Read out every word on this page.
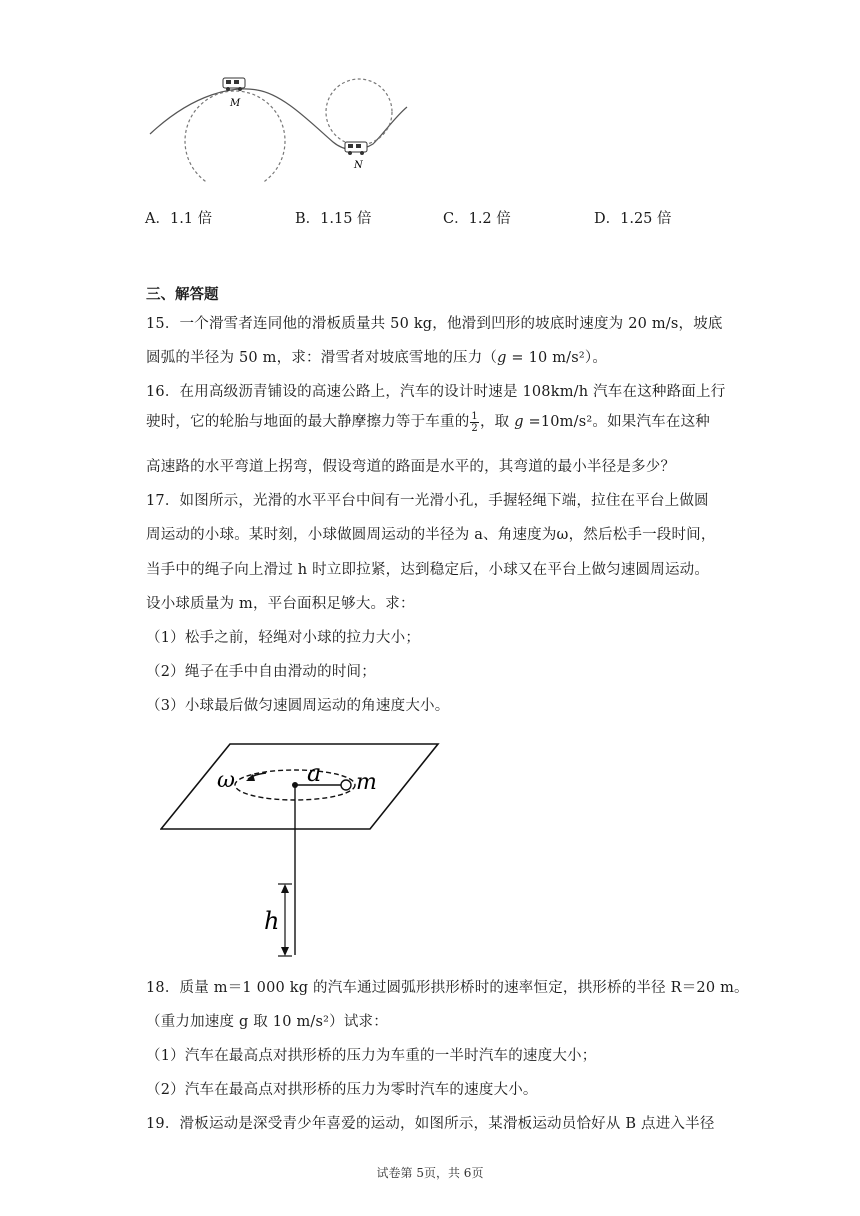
M
N
A．1.1 倍	B．1.15 倍	C．1.2 倍	D．1.25 倍
三、解答题
15．一个滑雪者连同他的滑板质量共 50 kg，他滑到凹形的坡底时速度为 20 m/s，坡底
圆弧的半径为 50 m，求：滑雪者对坡底雪地的压力（g = 10 m/s²）。
16．在用高级沥青铺设的高速公路上，汽车的设计时速是 108km/h 汽车在这种路面上行
驶时，它的轮胎与地面的最大静摩擦力等于车重的 $\frac{1}{2}$ ，取 g =10m/s²。如果汽车在这种
高速路的水平弯道上拐弯，假设弯道的路面是水平的，其弯道的最小半径是多少？
17．如图所示，光滑的水平平台中间有一光滑小孔，手握轻绳下端，拉住在平台上做圆
周运动的小球。某时刻，小球做圆周运动的半径为 a、角速度为ω，然后松手一段时间，
当手中的绳子向上滑过 h 时立即拉紧，达到稳定后，小球又在平台上做匀速圆周运动。
设小球质量为 m，平台面积足够大。求：
（1）松手之前，轻绳对小球的拉力大小；
（2）绳子在手中自由滑动的时间；
（3）小球最后做匀速圆周运动的角速度大小。
ω	a m
h
18．质量 m＝1 000 kg 的汽车通过圆弧形拱形桥时的速率恒定，拱形桥的半径 R＝20 m。
（重力加速度 g 取 10 m/s²）试求：
（1）汽车在最高点对拱形桥的压力为车重的一半时汽车的速度大小；
（2）汽车在最高点对拱形桥的压力为零时汽车的速度大小。
19．滑板运动是深受青少年喜爱的运动，如图所示，某滑板运动员恰好从 B 点进入半径
试卷第 5页，共 6页
